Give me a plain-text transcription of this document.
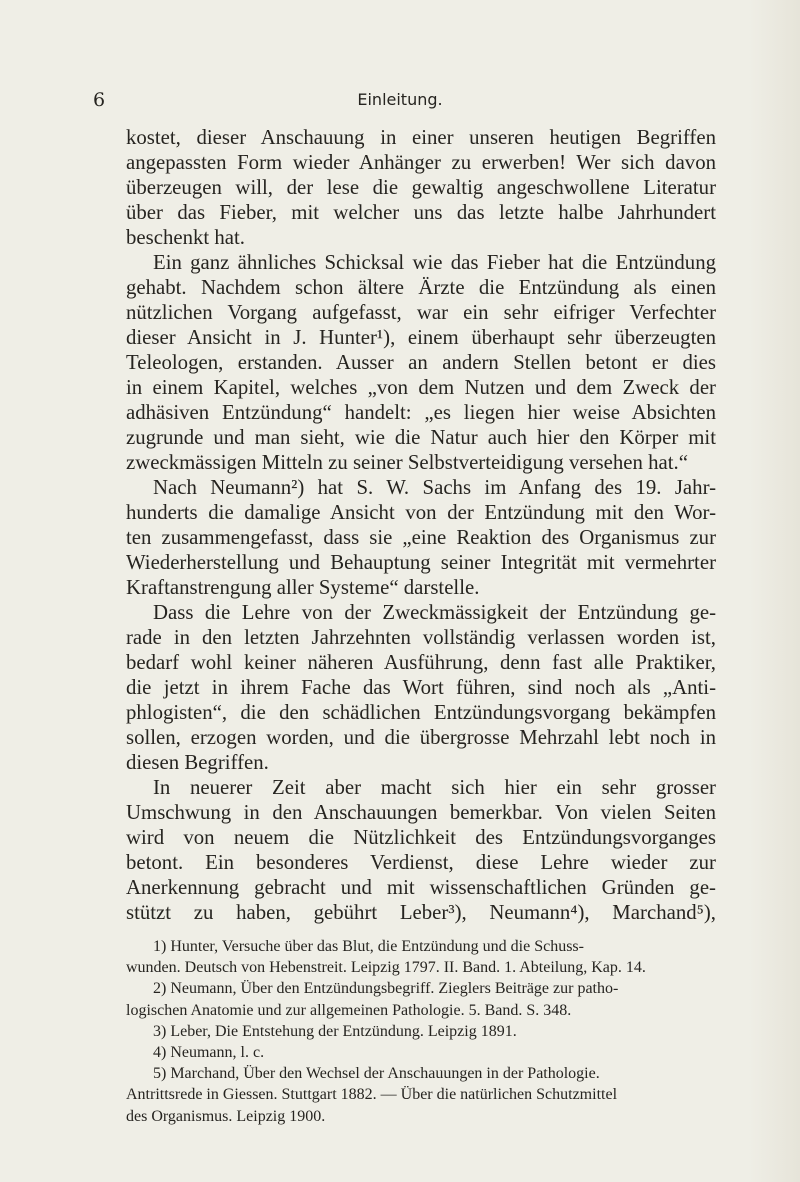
6	Einleitung.

kostet, dieser Anschauung in einer unseren heutigen Begriffen
angepassten Form wieder Anhänger zu erwerben! Wer sich davon
überzeugen will, der lese die gewaltig angeschwollene Literatur
über das Fieber, mit welcher uns das letzte halbe Jahrhundert
beschenkt hat.

Ein ganz ähnliches Schicksal wie das Fieber hat die Entzündung
gehabt. Nachdem schon ältere Ärzte die Entzündung als einen
nützlichen Vorgang aufgefasst, war ein sehr eifriger Verfechter
dieser Ansicht in J. Hunter¹), einem überhaupt sehr überzeugten
Teleologen, erstanden. Ausser an andern Stellen betont er dies
in einem Kapitel, welches „von dem Nutzen und dem Zweck der
adhäsiven Entzündung“ handelt: „es liegen hier weise Absichten
zugrunde und man sieht, wie die Natur auch hier den Körper mit
zweckmässigen Mitteln zu seiner Selbstverteidigung versehen hat.“

Nach Neumann²) hat S. W. Sachs im Anfang des 19. Jahr-
hunderts die damalige Ansicht von der Entzündung mit den Wor-
ten zusammengefasst, dass sie „eine Reaktion des Organismus zur
Wiederherstellung und Behauptung seiner Integrität mit vermehrter
Kraftanstrengung aller Systeme“ darstelle.

Dass die Lehre von der Zweckmässigkeit der Entzündung ge-
rade in den letzten Jahrzehnten vollständig verlassen worden ist,
bedarf wohl keiner näheren Ausführung, denn fast alle Praktiker,
die jetzt in ihrem Fache das Wort führen, sind noch als „Anti-
phlogisten“, die den schädlichen Entzündungsvorgang bekämpfen
sollen, erzogen worden, und die übergrosse Mehrzahl lebt noch in
diesen Begriffen.

In neuerer Zeit aber macht sich hier ein sehr grosser
Umschwung in den Anschauungen bemerkbar. Von vielen Seiten
wird von neuem die Nützlichkeit des Entzündungsvorganges
betont. Ein besonderes Verdienst, diese Lehre wieder zur
Anerkennung gebracht und mit wissenschaftlichen Gründen ge-
stützt zu haben, gebührt Leber³), Neumann⁴), Marchand⁵),

1) Hunter, Versuche über das Blut, die Entzündung und die Schuss-
wunden. Deutsch von Hebenstreit. Leipzig 1797. II. Band. 1. Abteilung, Kap. 14.
2) Neumann, Über den Entzündungsbegriff. Zieglers Beiträge zur patho-
logischen Anatomie und zur allgemeinen Pathologie. 5. Band. S. 348.
3) Leber, Die Entstehung der Entzündung. Leipzig 1891.
4) Neumann, l. c.
5) Marchand, Über den Wechsel der Anschauungen in der Pathologie.
Antrittsrede in Giessen. Stuttgart 1882. — Über die natürlichen Schutzmittel
des Organismus. Leipzig 1900.
